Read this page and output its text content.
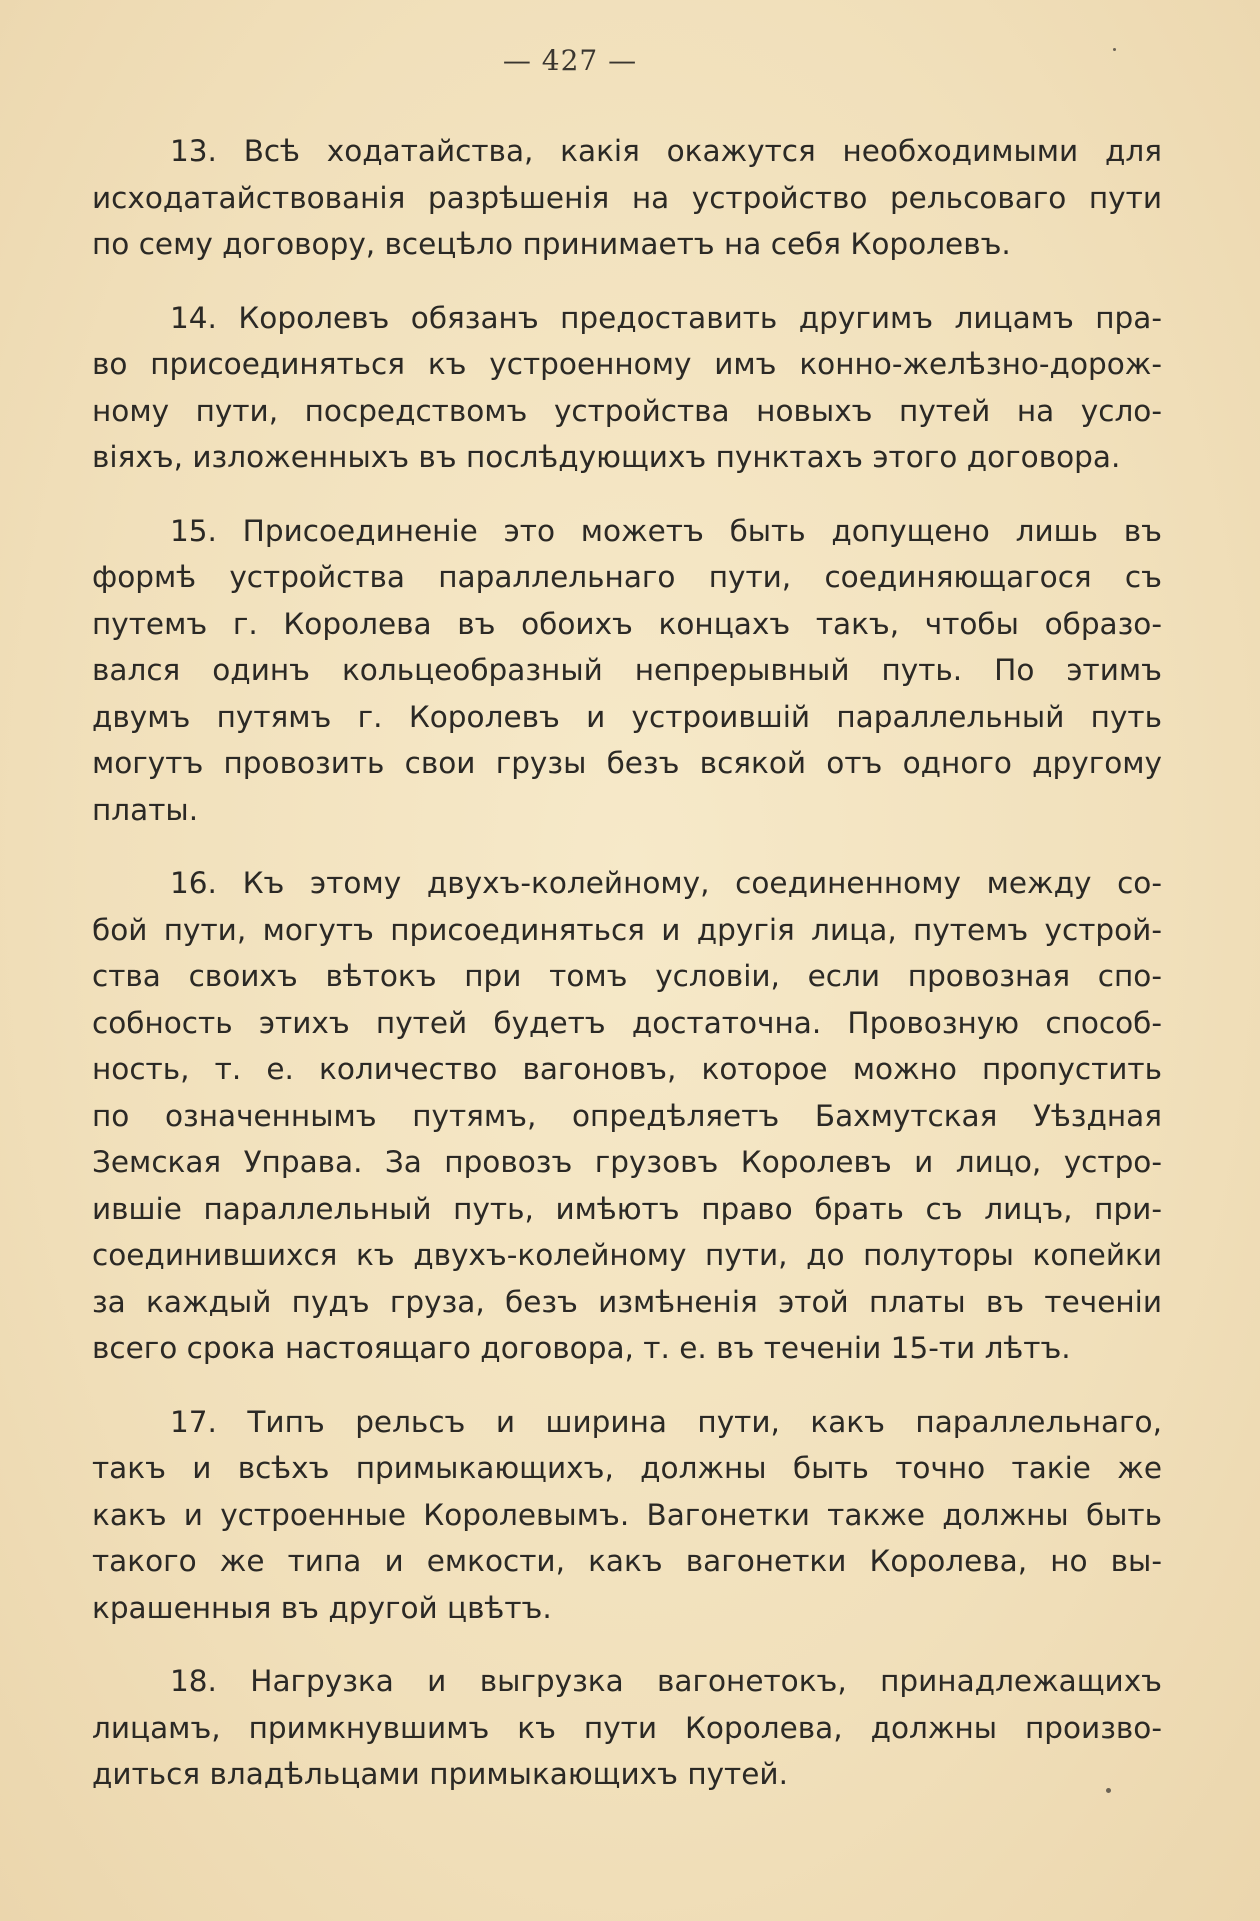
— 427 —

13. Всѣ ходатайства, какія окажутся необходимыми для
исходатайствованія разрѣшенія на устройство рельсоваго пути
по сему договору, всецѣло принимаетъ на себя Королевъ.

14. Королевъ обязанъ предоставить другимъ лицамъ пра-
во присоединяться къ устроенному имъ конно-желѣзно-дорож-
ному пути, посредствомъ устройства новыхъ путей на усло-
віяхъ, изложенныхъ въ послѣдующихъ пунктахъ этого договора.

15. Присоединеніе это можетъ быть допущено лишь въ
формѣ устройства параллельнаго пути, соединяющагося съ
путемъ г. Королева въ обоихъ концахъ такъ, чтобы образо-
вался одинъ кольцеобразный непрерывный путь. По этимъ
двумъ путямъ г. Королевъ и устроившій параллельный путь
могутъ провозить свои грузы безъ всякой отъ одного другому
платы.

16. Къ этому двухъ-колейному, соединенному между со-
бой пути, могутъ присоединяться и другія лица, путемъ устрой-
ства своихъ вѣтокъ при томъ условіи, если провозная спо-
собность этихъ путей будетъ достаточна. Провозную способ-
ность, т. е. количество вагоновъ, которое можно пропустить
по означеннымъ путямъ, опредѣляетъ Бахмутская Уѣздная
Земская Управа. За провозъ грузовъ Королевъ и лицо, устро-
ившіе параллельный путь, имѣютъ право брать съ лицъ, при-
соединившихся къ двухъ-колейному пути, до полуторы копейки
за каждый пудъ груза, безъ измѣненія этой платы въ теченіи
всего срока настоящаго договора, т. е. въ теченіи 15-ти лѣтъ.

17. Типъ рельсъ и ширина пути, какъ параллельнаго,
такъ и всѣхъ примыкающихъ, должны быть точно такіе же
какъ и устроенные Королевымъ. Вагонетки также должны быть
такого же типа и емкости, какъ вагонетки Королева, но вы-
крашенныя въ другой цвѣтъ.

18. Нагрузка и выгрузка вагонетокъ, принадлежащихъ
лицамъ, примкнувшимъ къ пути Королева, должны произво-
диться владѣльцами примыкающихъ путей.
